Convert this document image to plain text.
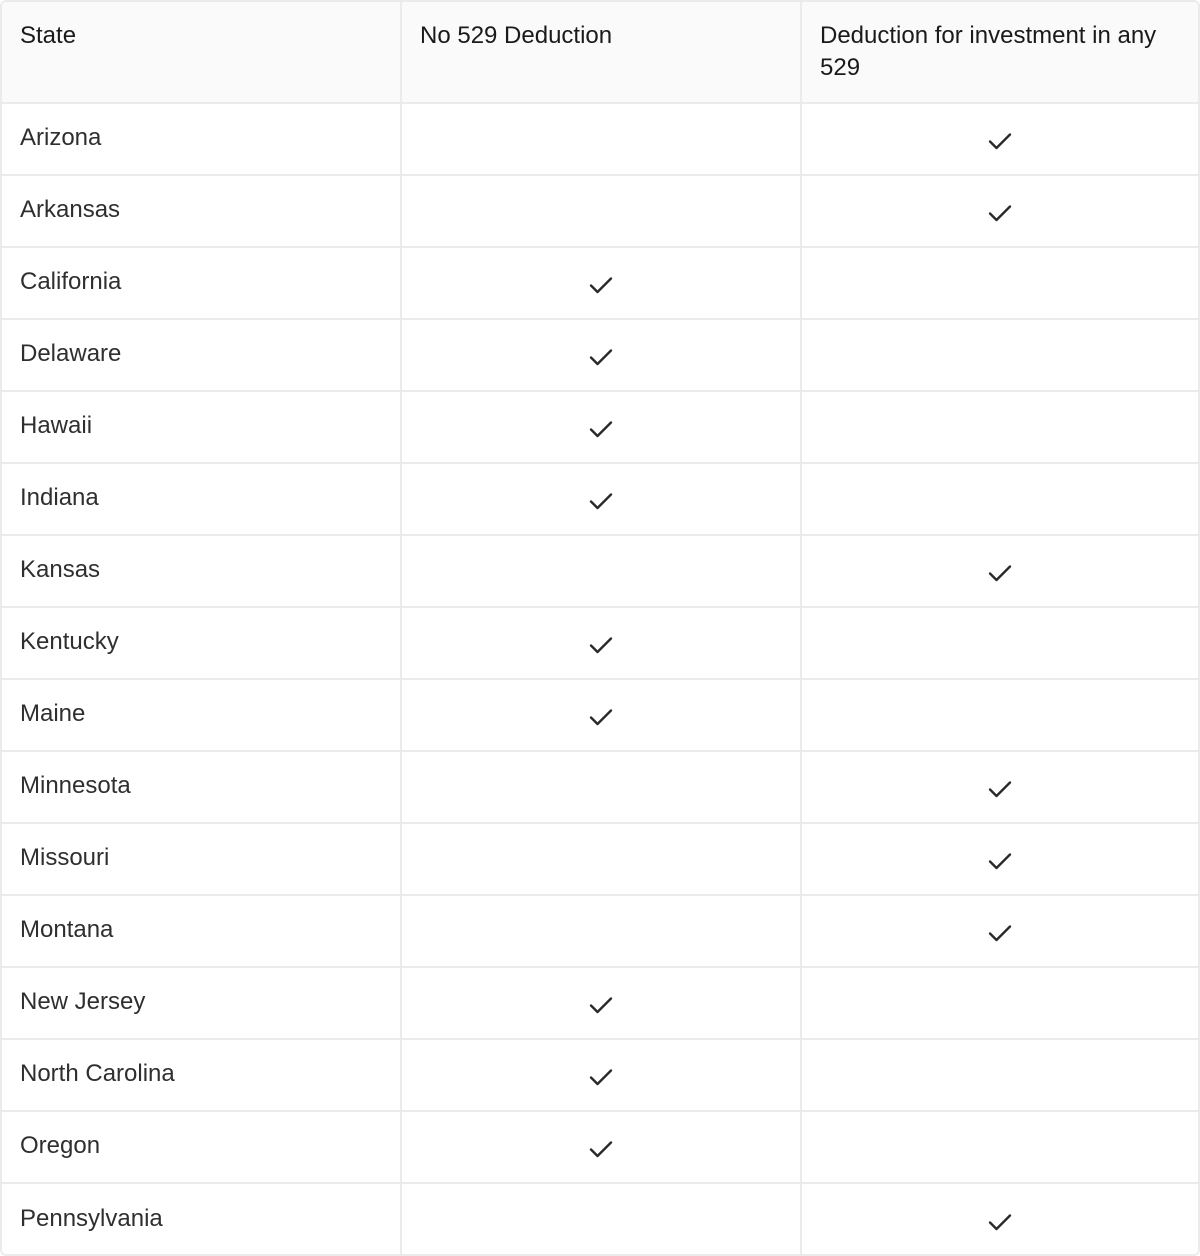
State	No 529 Deduction	Deduction for investment in any 529
Arizona
Arkansas
California
Delaware
Hawaii
Indiana
Kansas
Kentucky
Maine
Minnesota
Missouri
Montana
New Jersey
North Carolina
Oregon
Pennsylvania
